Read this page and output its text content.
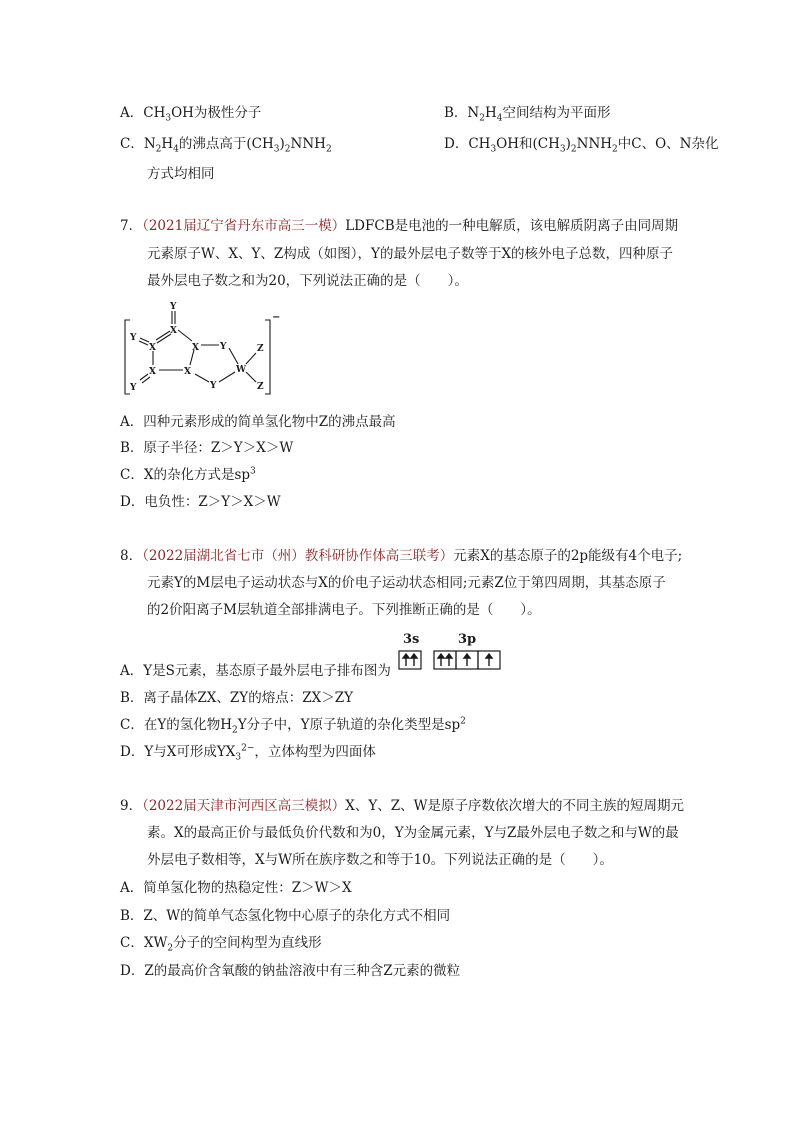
A．$CH_3OH$为极性分子	B．$N_2H_4$空间结构为平面形
C．$N_2H_4$的沸点高于$(CH_3)_2NNH_2$	D．$CH_3OH$和$(CH_3)_2NNH_2$中C、O、N杂化
方式均相同
7．（2021届辽宁省丹东市高三一模）LDFCB是电池的一种电解质，该电解质阴离子由同周期
元素原子W、X、Y、Z构成（如图），Y的最外层电子数等于X的核外电子总数，四种原子
最外层电子数之和为20，下列说法正确的是（　　）。
Y
Y
Y
X
X	X
X	X
Y
Y
W
Z
Z
−
A．四种元素形成的简单氢化物中Z的沸点最高
B．原子半径：Z＞Y＞X＞W
C．X的杂化方式是$sp^3$
D．电负性：Z＞Y＞X＞W
8．（2022届湖北省七市（州）教科研协作体高三联考）元素X的基态原子的2p能级有4个电子;
元素Y的M层电子运动状态与X的价电子运动状态相同;元素Z位于第四周期，其基态原子
的2价阳离子M层轨道全部排满电子。下列推断正确的是（　　）。
A．Y是S元素，基态原子最外层电子排布图为
3s	3p
B．离子晶体ZX、ZY的熔点：ZX＞ZY
C．在Y的氢化物$H_2Y$分子中，Y原子轨道的杂化类型是$sp^2$
D．Y与X可形成$YX_3^{2-}$，立体构型为四面体
9．（2022届天津市河西区高三模拟）X、Y、Z、W是原子序数依次增大的不同主族的短周期元
素。X的最高正价与最低负价代数和为0，Y为金属元素，Y与Z最外层电子数之和与W的最
外层电子数相等，X与W所在族序数之和等于10。下列说法正确的是（　　）。
A．简单氢化物的热稳定性：Z＞W＞X
B．Z、W的简单气态氢化物中心原子的杂化方式不相同
C．$XW_2$分子的空间构型为直线形
D．Z的最高价含氧酸的钠盐溶液中有三种含Z元素的微粒
